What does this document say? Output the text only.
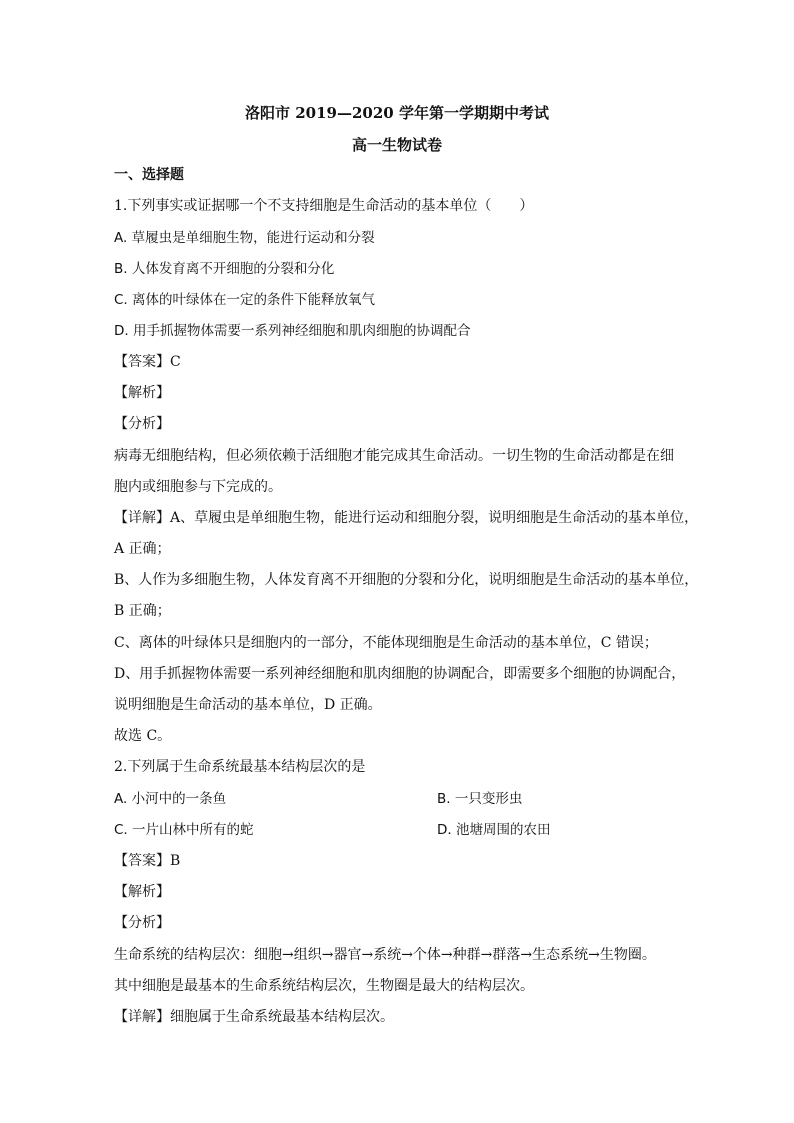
洛阳市 2019—2020 学年第一学期期中考试
高一生物试卷
一、选择题
1.下列事实或证据哪一个不支持细胞是生命活动的基本单位（　　）
A. 草履虫是单细胞生物，能进行运动和分裂
B. 人体发育离不开细胞的分裂和分化
C. 离体的叶绿体在一定的条件下能释放氧气
D. 用手抓握物体需要一系列神经细胞和肌肉细胞的协调配合
【答案】C
【解析】
【分析】
病毒无细胞结构，但必须依赖于活细胞才能完成其生命活动。一切生物的生命活动都是在细
胞内或细胞参与下完成的。
【详解】A、草履虫是单细胞生物，能进行运动和细胞分裂，说明细胞是生命活动的基本单位，
A 正确；
B、人作为多细胞生物，人体发育离不开细胞的分裂和分化，说明细胞是生命活动的基本单位，
B 正确；
C、离体的叶绿体只是细胞内的一部分，不能体现细胞是生命活动的基本单位，C 错误；
D、用手抓握物体需要一系列神经细胞和肌肉细胞的协调配合，即需要多个细胞的协调配合，
说明细胞是生命活动的基本单位，D 正确。
故选 C。
2.下列属于生命系统最基本结构层次的是
A. 小河中的一条鱼	B. 一只变形虫
C. 一片山林中所有的蛇	D. 池塘周围的农田
【答案】B
【解析】
【分析】
生命系统的结构层次：细胞→组织→器官→系统→个体→种群→群落→生态系统→生物圈。
其中细胞是最基本的生命系统结构层次，生物圈是最大的结构层次。
【详解】细胞属于生命系统最基本结构层次。
